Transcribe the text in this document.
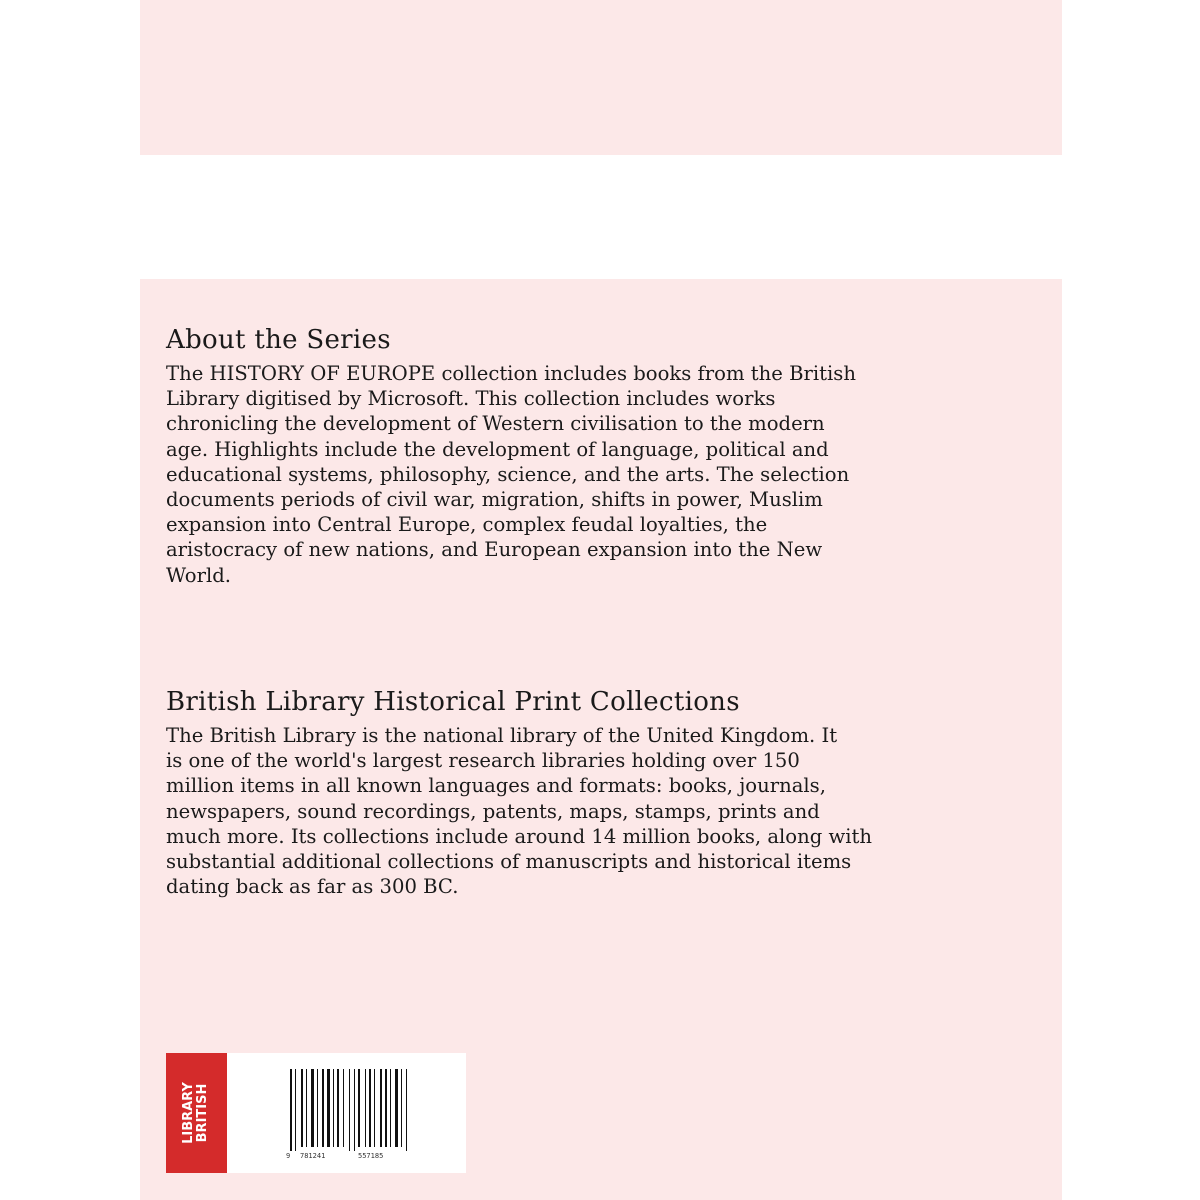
About the Series

The HISTORY OF EUROPE collection includes books from the British
Library digitised by Microsoft. This collection includes works
chronicling the development of Western civilisation to the modern
age. Highlights include the development of language, political and
educational systems, philosophy, science, and the arts. The selection
documents periods of civil war, migration, shifts in power, Muslim
expansion into Central Europe, complex feudal loyalties, the
aristocracy of new nations, and European expansion into the New
World.

British Library Historical Print Collections

The British Library is the national library of the United Kingdom. It
is one of the world's largest research libraries holding over 150
million items in all known languages and formats: books, journals,
newspapers, sound recordings, patents, maps, stamps, prints and
much more. Its collections include around 14 million books, along with
substantial additional collections of manuscripts and historical items
dating back as far as 300 BC.

LIBRARY BRITISH
9 781241	557185
